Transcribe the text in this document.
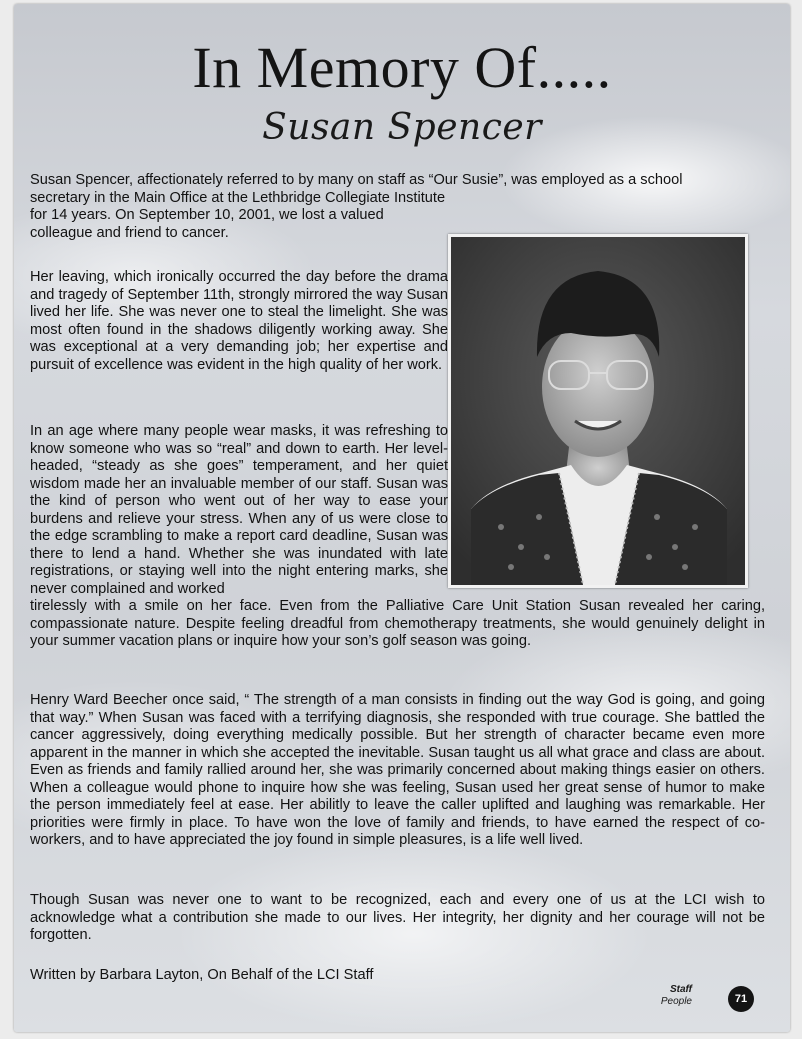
In Memory Of.....
Susan Spencer
Susan Spencer, affectionately referred to by many on staff as “Our Susie”, was employed as a school
secretary in the Main Office at the Lethbridge Collegiate Institute for 14 years. On September 10, 2001, we lost a valued colleague and friend to cancer.
Her leaving, which ironically occurred the day before the drama and tragedy of September 11th, strongly mirrored the way Susan lived her life. She was never one to steal the limelight. She was most often found in the shadows diligently working away. She was exceptional at a very demanding job; her expertise and pursuit of excellence was evident in the high quality of her work.
In an age where many people wear masks, it was refreshing to know someone who was so “real” and down to earth. Her level-headed, “steady as she goes” temperament, and her quiet wisdom made her an invaluable member of our staff. Susan was the kind of person who went out of her way to ease your burdens and relieve your stress. When any of us were close to the edge scrambling to make a report card deadline, Susan was there to lend a hand. Whether she was inundated with late registrations, or staying well into the night entering marks, she never complained and worked
tirelessly with a smile on her face. Even from the Palliative Care Unit Station Susan revealed her caring, compassionate nature. Despite feeling dreadful from chemotherapy treatments, she would genuinely delight in your summer vacation plans or inquire how your son’s golf season was going.
Henry Ward Beecher once said, “ The strength of a man consists in finding out the way God is going, and going that way.” When Susan was faced with a terrifying diagnosis, she responded with true courage. She battled the cancer aggressively, doing everything medically possible. But her strength of character became even more apparent in the manner in which she accepted the inevitable. Susan taught us all what grace and class are about. Even as friends and family rallied around her, she was primarily concerned about making things easier on others. When a colleague would phone to inquire how she was feeling, Susan used her great sense of humor to make the person immediately feel at ease. Her abilitly to leave the caller uplifted and laughing was remarkable. Her priorities were firmly in place. To have won the love of family and friends, to have earned the respect of co-workers, and to have appreciated the joy found in simple pleasures, is a life well lived.
Though Susan was never one to want to be recognized, each and every one of us at the LCI wish to acknowledge what a contribution she made to our lives. Her integrity, her dignity and her courage will not be forgotten.
Written by Barbara Layton, On Behalf of the LCI Staff
Staff
People	71
